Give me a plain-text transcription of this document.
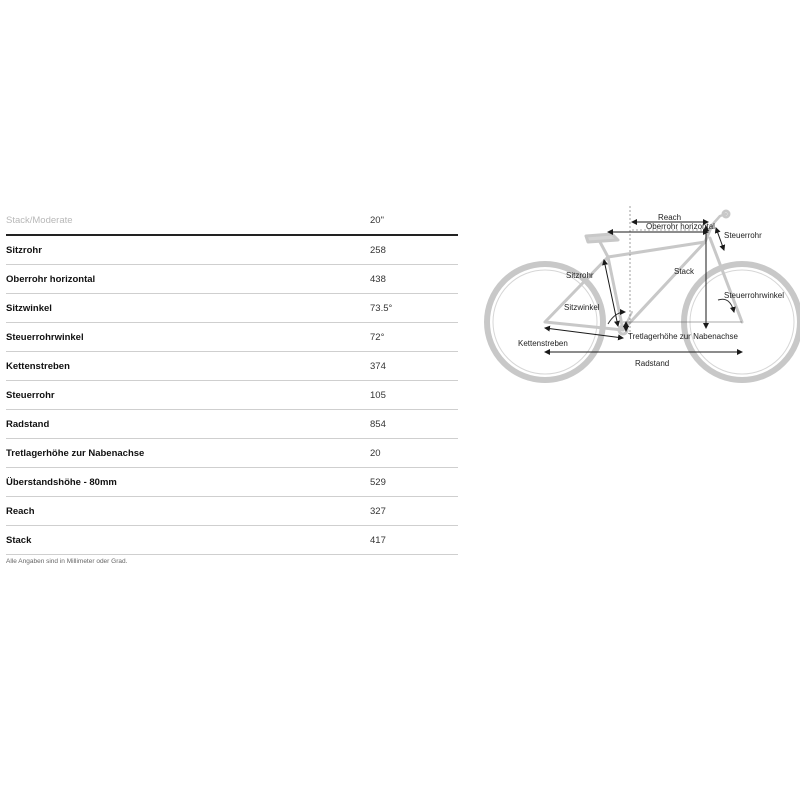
Stack/Moderate	20"
Sitzrohr	258
Oberrohr horizontal	438
Sitzwinkel	73.5°
Steuerrohrwinkel	72°
Kettenstreben	374
Steuerrohr	105
Radstand	854
Tretlagerhöhe zur Nabenachse	20
Überstandshöhe - 80mm	529
Reach	327
Stack	417
Alle Angaben sind in Millimeter oder Grad.
Reach
Oberrohr horizontal
Steuerrohr
Stack
Sitzrohr
Steuerrohrwinkel
Sitzwinkel
Kettenstreben
Tretlagerhöhe zur Nabenachse
Radstand
